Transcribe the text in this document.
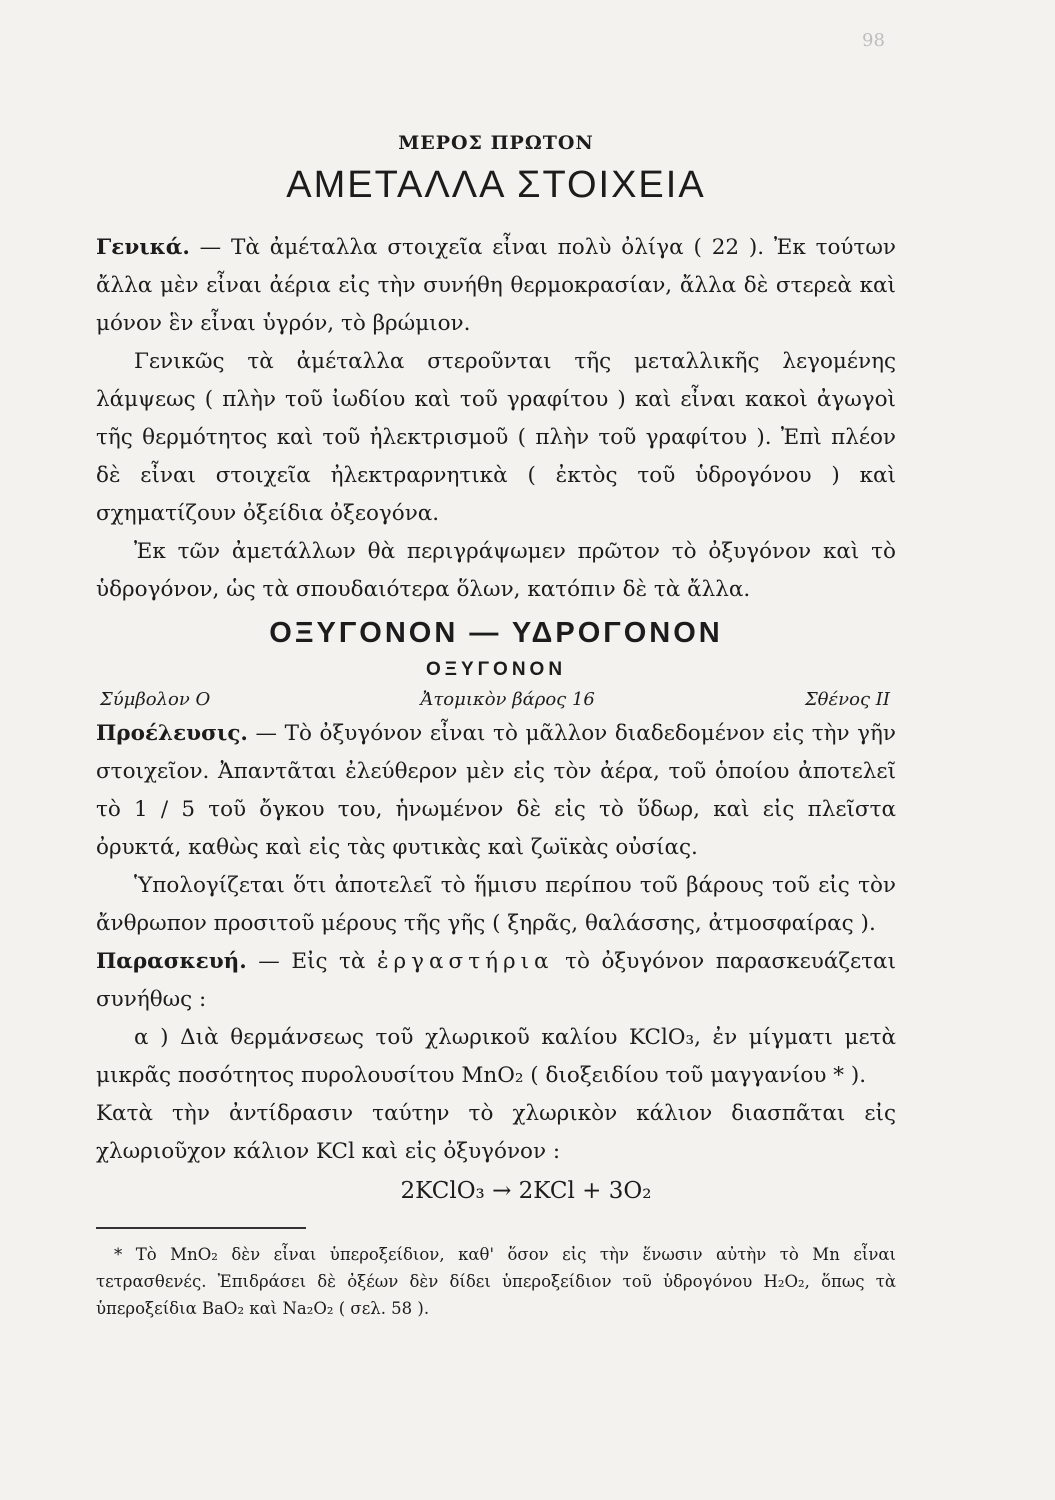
98
ΜΕΡΟΣ ΠΡΩΤΟΝ
ΑΜΕΤΑΛΛΑ ΣΤΟΙΧΕΙΑ

Γενικά. — Τὰ ἀμέταλλα στοιχεῖα εἶναι πολὺ ὀλίγα ( 22 ). Ἐκ τούτων ἄλλα μὲν εἶναι ἀέρια εἰς τὴν συνήθη θερμοκρασίαν, ἄλλα δὲ στερεὰ καὶ μόνον ἓν εἶναι ὑγρόν, τὸ βρώμιον.

Γενικῶς τὰ ἀμέταλλα στεροῦνται τῆς μεταλλικῆς λεγομένης λάμψεως ( πλὴν τοῦ ἰωδίου καὶ τοῦ γραφίτου ) καὶ εἶναι κακοὶ ἀγωγοὶ τῆς θερμότητος καὶ τοῦ ἠλεκτρισμοῦ ( πλὴν τοῦ γραφίτου ). Ἐπὶ πλέον δὲ εἶναι στοιχεῖα ἠλεκτραρνητικὰ ( ἐκτὸς τοῦ ὑδρογόνου ) καὶ σχηματίζουν ὀξείδια ὀξεογόνα.

Ἐκ τῶν ἀμετάλλων θὰ περιγράψωμεν πρῶτον τὸ ὀξυγόνον καὶ τὸ ὑδρογόνον, ὡς τὰ σπουδαιότερα ὅλων, κατόπιν δὲ τὰ ἄλλα.

ΟΞΥΓΟΝΟΝ — ΥΔΡΟΓΟΝΟΝ
ΟΞΥΓΟΝΟΝ
Σύμβολον O	Ἀτομικὸν βάρος 16	Σθένος II

Προέλευσις. — Τὸ ὀξυγόνον εἶναι τὸ μᾶλλον διαδεδομένον εἰς τὴν γῆν στοιχεῖον. Ἀπαντᾶται ἐλεύθερον μὲν εἰς τὸν ἀέρα, τοῦ ὁποίου ἀποτελεῖ τὸ 1 / 5 τοῦ ὄγκου του, ἡνωμένον δὲ εἰς τὸ ὕδωρ, καὶ εἰς πλεῖστα ὀρυκτά, καθὼς καὶ εἰς τὰς φυτικὰς καὶ ζωϊκὰς οὐσίας.

Ὑπολογίζεται ὅτι ἀποτελεῖ τὸ ἥμισυ περίπου τοῦ βάρους τοῦ εἰς τὸν ἄνθρωπον προσιτοῦ μέρους τῆς γῆς ( ξηρᾶς, θαλάσσης, ἀτμοσφαίρας ).

Παρασκευή. — Εἰς τὰ ἐργαστήρια τὸ ὀξυγόνον παρασκευάζεται συνήθως :

α ) Διὰ θερμάνσεως τοῦ χλωρικοῦ καλίου KClO₃, ἐν μίγματι μετὰ μικρᾶς ποσότητος πυρολουσίτου MnO₂ ( διοξειδίου τοῦ μαγγανίου * ).

Κατὰ τὴν ἀντίδρασιν ταύτην τὸ χλωρικὸν κάλιον διασπᾶται εἰς χλωριοῦχον κάλιον KCl καὶ εἰς ὀξυγόνον :

2KClO₃ → 2KCl + 3O₂

* Τὸ MnO₂ δὲν εἶναι ὑπεροξείδιον, καθ' ὅσον εἰς τὴν ἕνωσιν αὐτὴν τὸ Mn εἶναι τετρασθενές. Ἐπιδράσει δὲ ὀξέων δὲν δίδει ὑπεροξείδιον τοῦ ὑδρογόνου H₂O₂, ὅπως τὰ ὑπεροξείδια BaO₂ καὶ Na₂O₂ ( σελ. 58 ).
